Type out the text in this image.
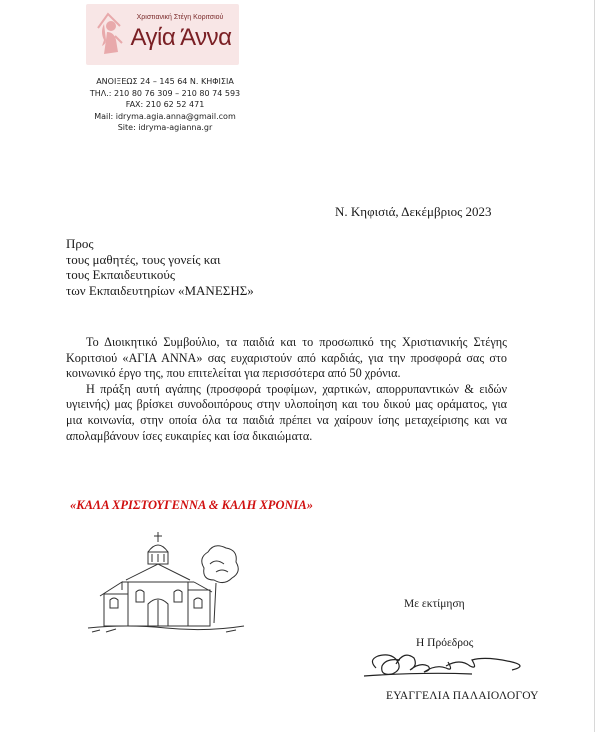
Χριστιανική Στέγη Κοριτσιού
Αγία Άννα
ΑΝΟΙΞΕΩΣ 24 – 145 64 Ν. ΚΗΦΙΣΙΑ
ΤΗΛ.: 210 80 76 309 – 210 80 74 593
FAX: 210 62 52 471
Mail: idryma.agia.anna@gmail.com
Site: idryma-agianna.gr
Ν. Κηφισιά, Δεκέμβριος 2023
Προς
τους μαθητές, τους γονείς και
τους Εκπαιδευτικούς
των Εκπαιδευτηρίων «ΜΑΝΕΣΗΣ»

Το Διοικητικό Συμβούλιο, τα παιδιά και το προσωπικό της Χριστιανικής Στέγης Κοριτσιού «ΑΓΙΑ ΑΝΝΑ» σας ευχαριστούν από καρδιάς, για την προσφορά σας στο κοινωνικό έργο της, που επιτελείται για περισσότερα από 50 χρόνια.

Η πράξη αυτή αγάπης (προσφορά τροφίμων, χαρτικών, απορρυπαντικών & ειδών υγιεινής) μας βρίσκει συνοδοιπόρους στην υλοποίηση και του δικού μας οράματος, για μια κοινωνία, στην οποία όλα τα παιδιά πρέπει να χαίρουν ίσης μεταχείρισης και να απολαμβάνουν ίσες ευκαιρίες και ίσα δικαιώματα.

«ΚΑΛΑ ΧΡΙΣΤΟΥΓΕΝΝΑ & ΚΑΛΗ ΧΡΟΝΙΑ»
Με εκτίμηση
Η Πρόεδρος
ΕΥΑΓΓΕΛΙΑ ΠΑΛΑΙΟΛΟΓΟΥ
